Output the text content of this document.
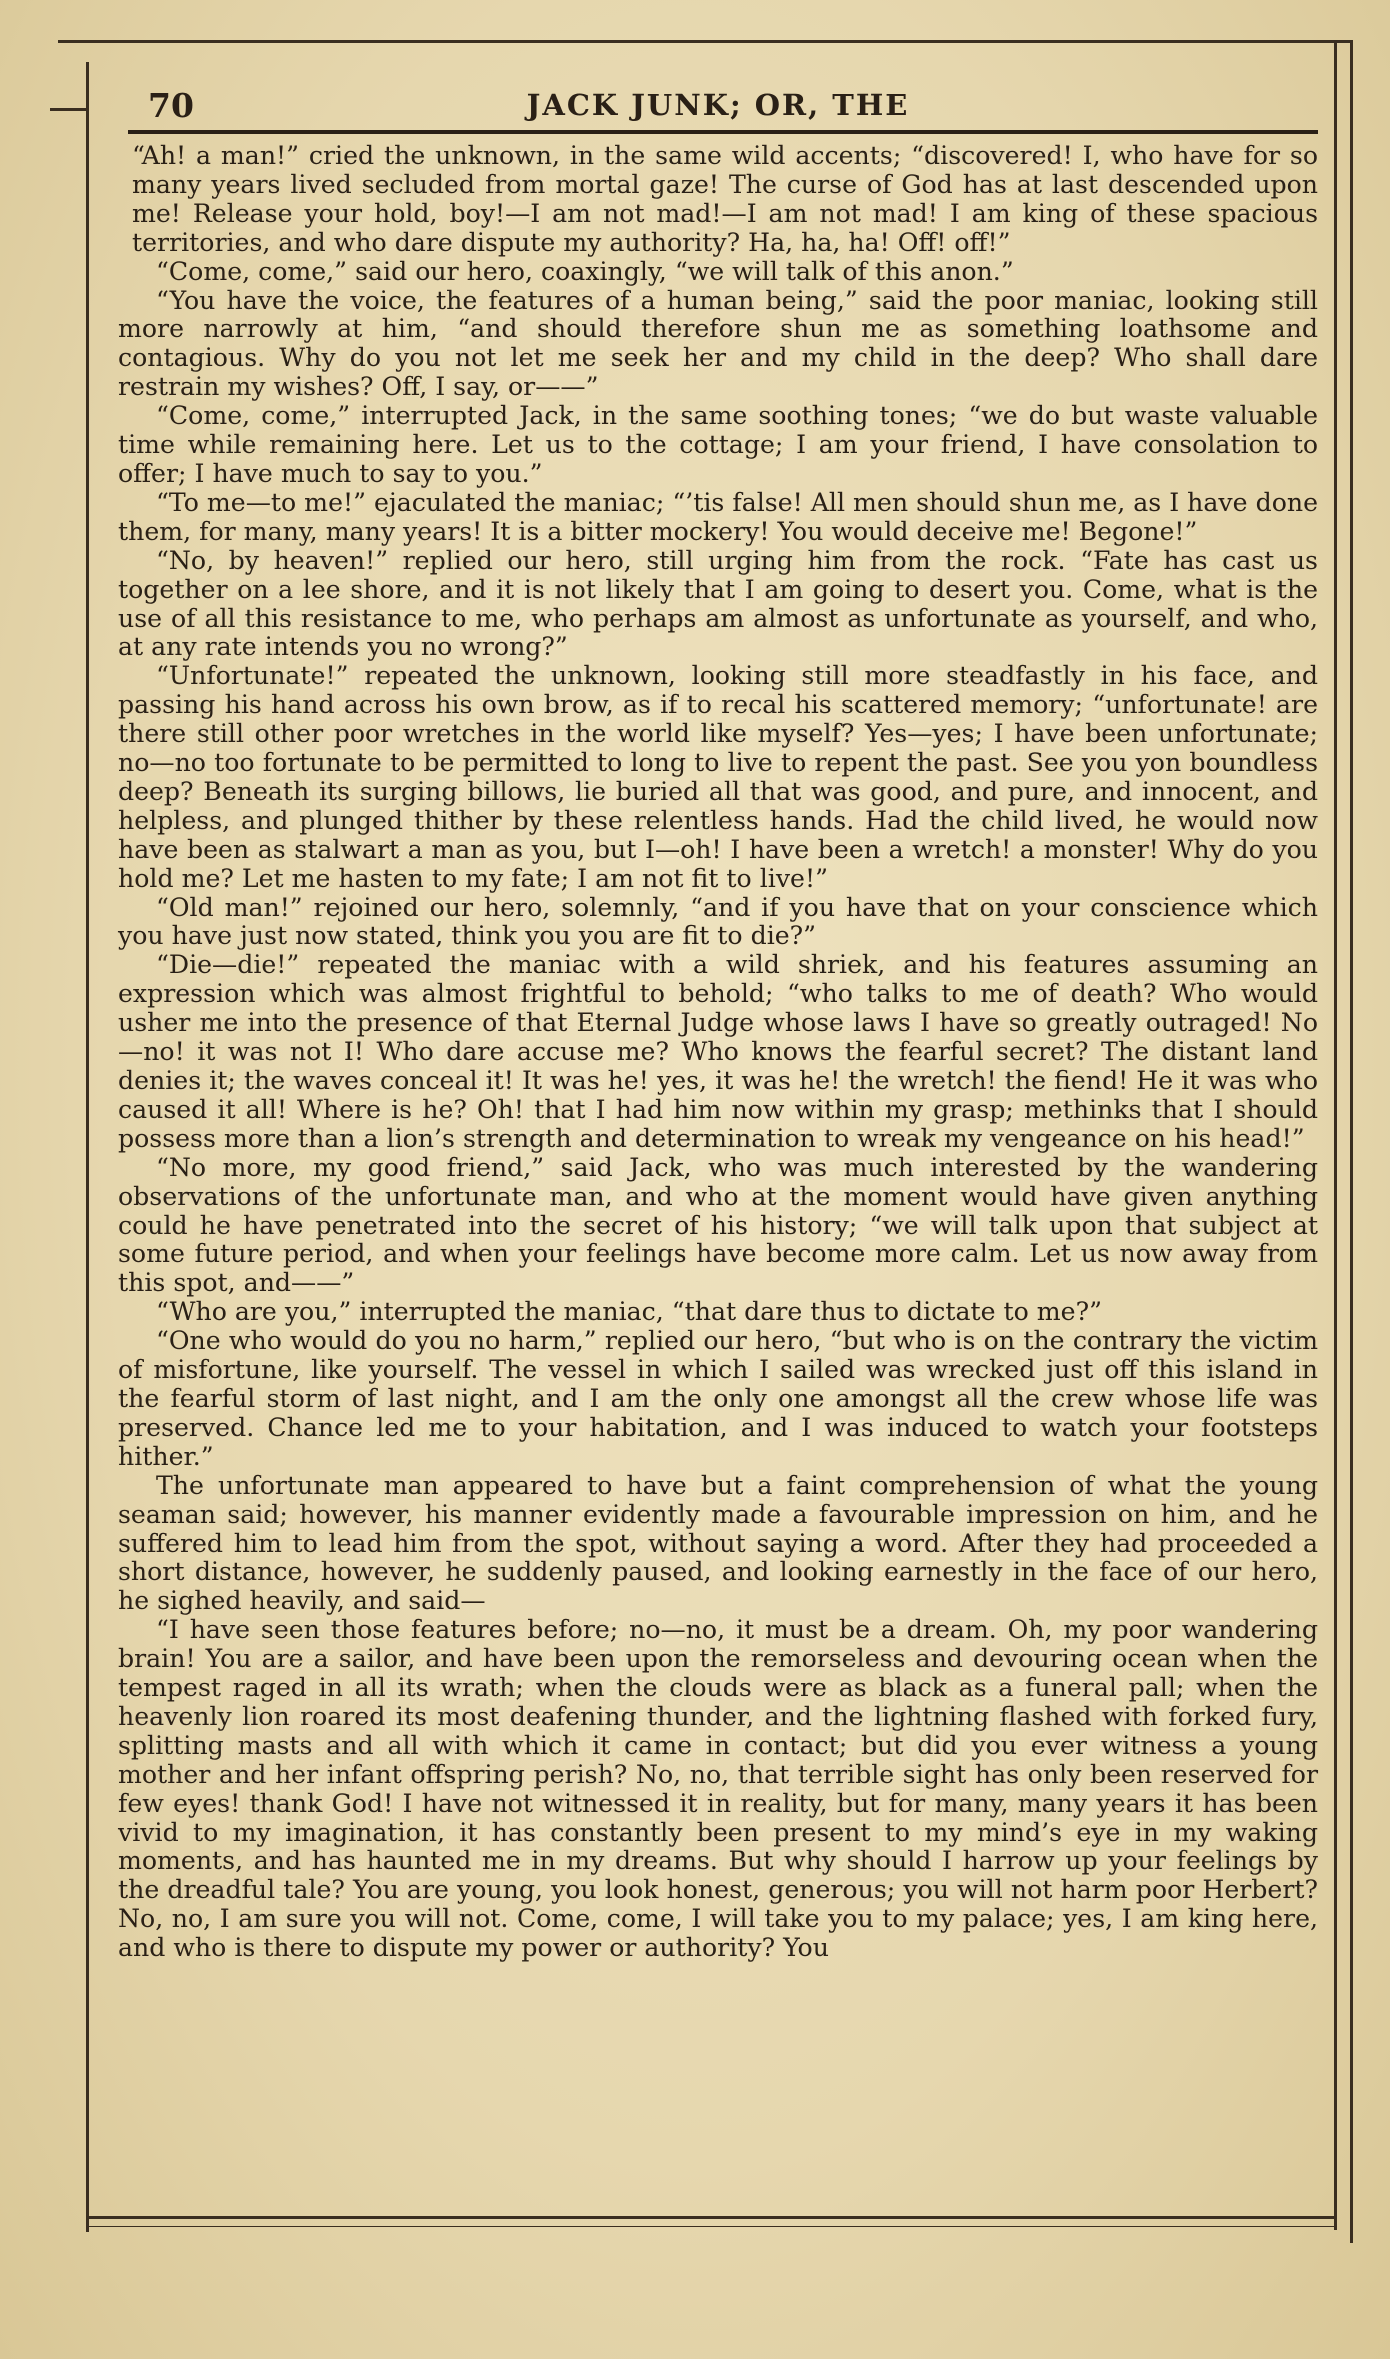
70	JACK JUNK; OR, THE

“Ah! a man!” cried the unknown, in the same wild accents; “discovered! I, who have for so many years lived secluded from mortal gaze! The curse of God has at last descended upon me! Release your hold, boy!—I am not mad!—I am not mad! I am king of these spacious territories, and who dare dispute my authority? Ha, ha, ha! Off! off!”

“Come, come,” said our hero, coaxingly, “we will talk of this anon.”

“You have the voice, the features of a human being,” said the poor maniac, looking still more narrowly at him, “and should therefore shun me as something loathsome and contagious. Why do you not let me seek her and my child in the deep? Who shall dare restrain my wishes? Off, I say, or——”

“Come, come,” interrupted Jack, in the same soothing tones; “we do but waste valuable time while remaining here. Let us to the cottage; I am your friend, I have consolation to offer; I have much to say to you.”

“To me—to me!” ejaculated the maniac; “’tis false! All men should shun me, as I have done them, for many, many years! It is a bitter mockery! You would deceive me! Begone!”

“No, by heaven!” replied our hero, still urging him from the rock. “Fate has cast us together on a lee shore, and it is not likely that I am going to desert you. Come, what is the use of all this resistance to me, who perhaps am almost as unfortunate as yourself, and who, at any rate intends you no wrong?”

“Unfortunate!” repeated the unknown, looking still more steadfastly in his face, and passing his hand across his own brow, as if to recal his scattered memory; “unfortunate! are there still other poor wretches in the world like myself? Yes—yes; I have been unfortunate; no—no too fortunate to be permitted to long to live to repent the past. See you yon boundless deep? Beneath its surging billows, lie buried all that was good, and pure, and innocent, and helpless, and plunged thither by these relentless hands. Had the child lived, he would now have been as stalwart a man as you, but I—oh! I have been a wretch! a monster! Why do you hold me? Let me hasten to my fate; I am not fit to live!”

“Old man!” rejoined our hero, solemnly, “and if you have that on your conscience which you have just now stated, think you you are fit to die?”

“Die—die!” repeated the maniac with a wild shriek, and his features assuming an expression which was almost frightful to behold; “who talks to me of death? Who would usher me into the presence of that Eternal Judge whose laws I have so greatly outraged! No—no! it was not I! Who dare accuse me? Who knows the fearful secret? The distant land denies it; the waves conceal it! It was he! yes, it was he! the wretch! the fiend! He it was who caused it all! Where is he? Oh! that I had him now within my grasp; methinks that I should possess more than a lion’s strength and determination to wreak my vengeance on his head!”

“No more, my good friend,” said Jack, who was much interested by the wandering observations of the unfortunate man, and who at the moment would have given anything could he have penetrated into the secret of his history; “we will talk upon that subject at some future period, and when your feelings have become more calm. Let us now away from this spot, and——”

“Who are you,” interrupted the maniac, “that dare thus to dictate to me?”

“One who would do you no harm,” replied our hero, “but who is on the contrary the victim of misfortune, like yourself. The vessel in which I sailed was wrecked just off this island in the fearful storm of last night, and I am the only one amongst all the crew whose life was preserved. Chance led me to your habitation, and I was induced to watch your footsteps hither.”

The unfortunate man appeared to have but a faint comprehension of what the young seaman said; however, his manner evidently made a favourable impression on him, and he suffered him to lead him from the spot, without saying a word. After they had proceeded a short distance, however, he suddenly paused, and looking earnestly in the face of our hero, he sighed heavily, and said—

“I have seen those features before; no—no, it must be a dream. Oh, my poor wandering brain! You are a sailor, and have been upon the remorseless and devouring ocean when the tempest raged in all its wrath; when the clouds were as black as a funeral pall; when the heavenly lion roared its most deafening thunder, and the lightning flashed with forked fury, splitting masts and all with which it came in contact; but did you ever witness a young mother and her infant offspring perish? No, no, that terrible sight has only been reserved for few eyes! thank God! I have not witnessed it in reality, but for many, many years it has been vivid to my imagination, it has constantly been present to my mind’s eye in my waking moments, and has haunted me in my dreams. But why should I harrow up your feelings by the dreadful tale? You are young, you look honest, generous; you will not harm poor Herbert? No, no, I am sure you will not. Come, come, I will take you to my palace; yes, I am king here, and who is there to dispute my power or authority? You
